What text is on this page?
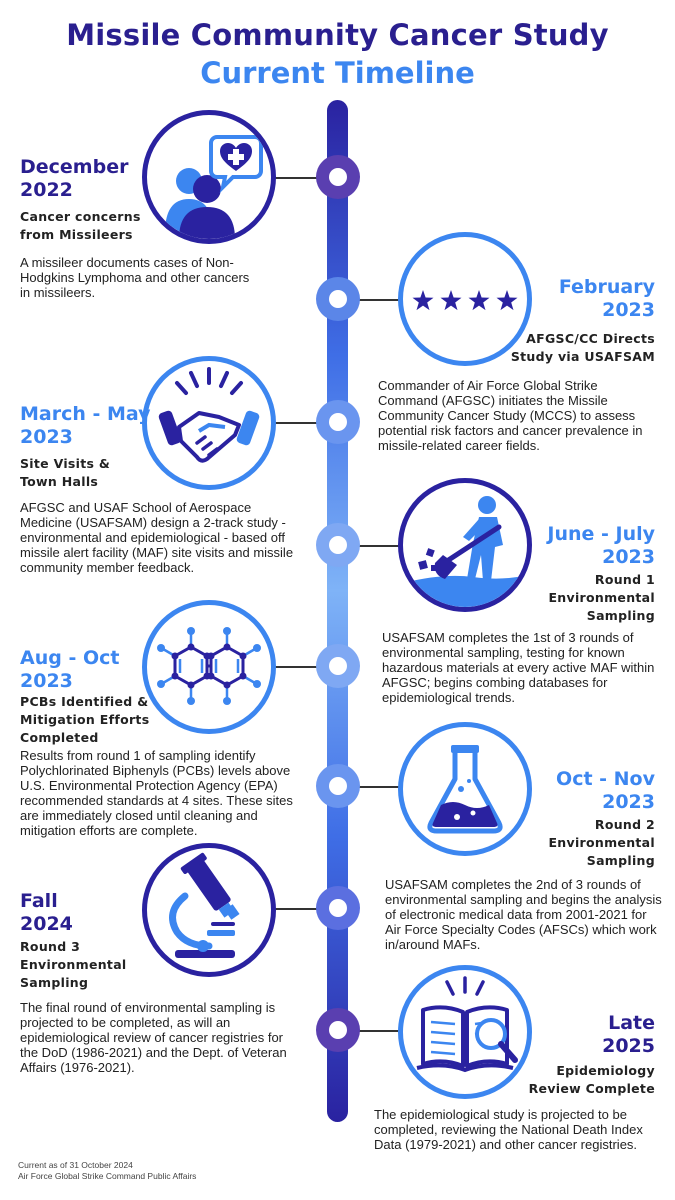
Missile Community Cancer Study
Current Timeline
December
2022
Cancer concerns
from Missileers
A missileer documents cases of Non-Hodgkins Lymphoma and other cancers in missileers.	February
2023
AFGSC/CC Directs
Study via USAFSAM
Commander of Air Force Global Strike Command (AFGSC) initiates the Missile Community Cancer Study (MCCS) to assess potential risk factors and cancer prevalence in missile-related career fields.
March - May
2023
Site Visits &
Town Halls
AFGSC and USAF School of Aerospace Medicine (USAFSAM) design a 2-track study - environmental and epidemiological - based off missile alert facility (MAF) site visits and missile community member feedback.
June - July
2023
Round 1
Environmental
Sampling
USAFSAM completes the 1st of 3 rounds of environmental sampling, testing for known hazardous materials at every active MAF within AFGSC; begins combing databases for epidemiological trends.
Aug - Oct
2023
PCBs Identified &
Mitigation Efforts
Completed
Results from round 1 of sampling identify Polychlorinated Biphenyls (PCBs) levels above U.S. Environmental Protection Agency (EPA) recommended standards at 4 sites. These sites are immediately closed until cleaning and mitigation efforts are complete.
Oct - Nov
2023
Round 2
Environmental
Sampling
USAFSAM completes the 2nd of 3 rounds of environmental sampling and begins the analysis of electronic medical data from 2001-2021 for Air Force Specialty Codes (AFSCs) which work in/around MAFs.
Fall
2024
Round 3
Environmental
Sampling
The final round of environmental sampling is projected to be completed, as will an epidemiological review of cancer registries for the DoD (1986-2021) and the Dept. of Veteran Affairs (1976-2021).
Late
2025
Epidemiology
Review Complete
The epidemiological study is projected to be completed, reviewing the National Death Index Data (1979-2021) and other cancer registries.
Current as of 31 October 2024
Air Force Global Strike Command Public Affairs
